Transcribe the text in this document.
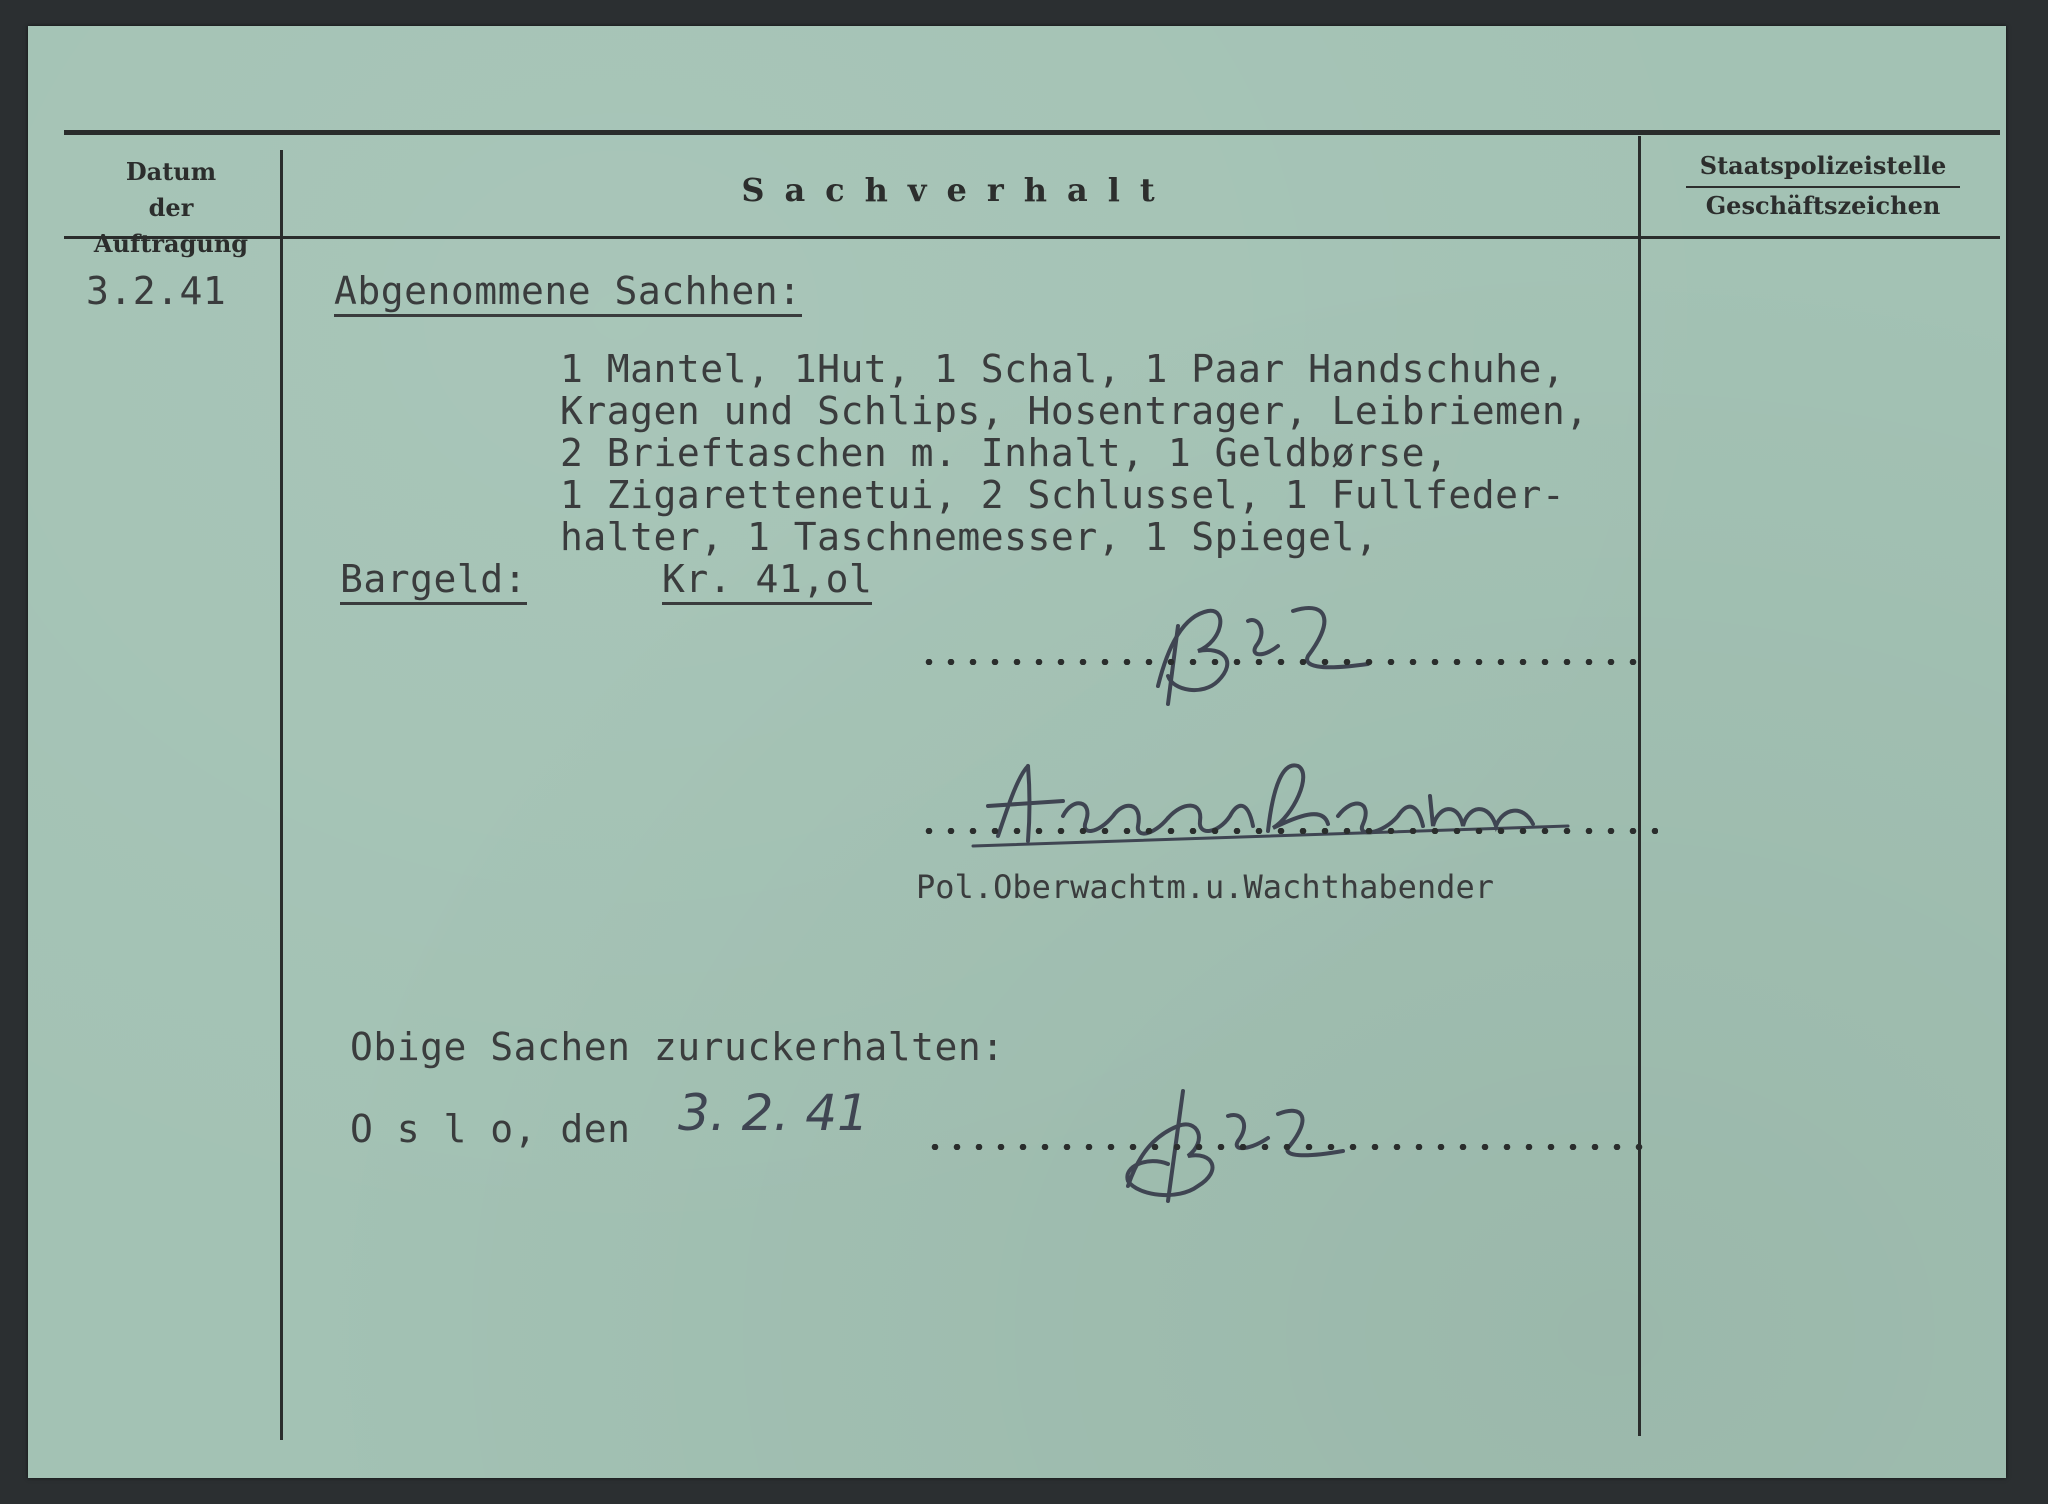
Datum
der Auftragung
Sachverhalt
Staatspolizeistelle
Geschäftszeichen
3.2.41	Abgenommene Sachhen:
1 Mantel, 1Hut, 1 Schal, 1 Paar Handschuhe,
Kragen und Schlips, Hosentrager, Leibriemen,
2 Brieftaschen m. Inhalt, 1 Geldbørse,
1 Zigarettenetui, 2 Schlussel, 1 Fullfeder-
halter, 1 Taschnemesser, 1 Spiegel,
Bargeld:	Kr. 41,ol
Pol.Oberwachtm.u.Wachthabender
Obige Sachen zuruckerhalten:
O s l o, den 3. 2. 41
